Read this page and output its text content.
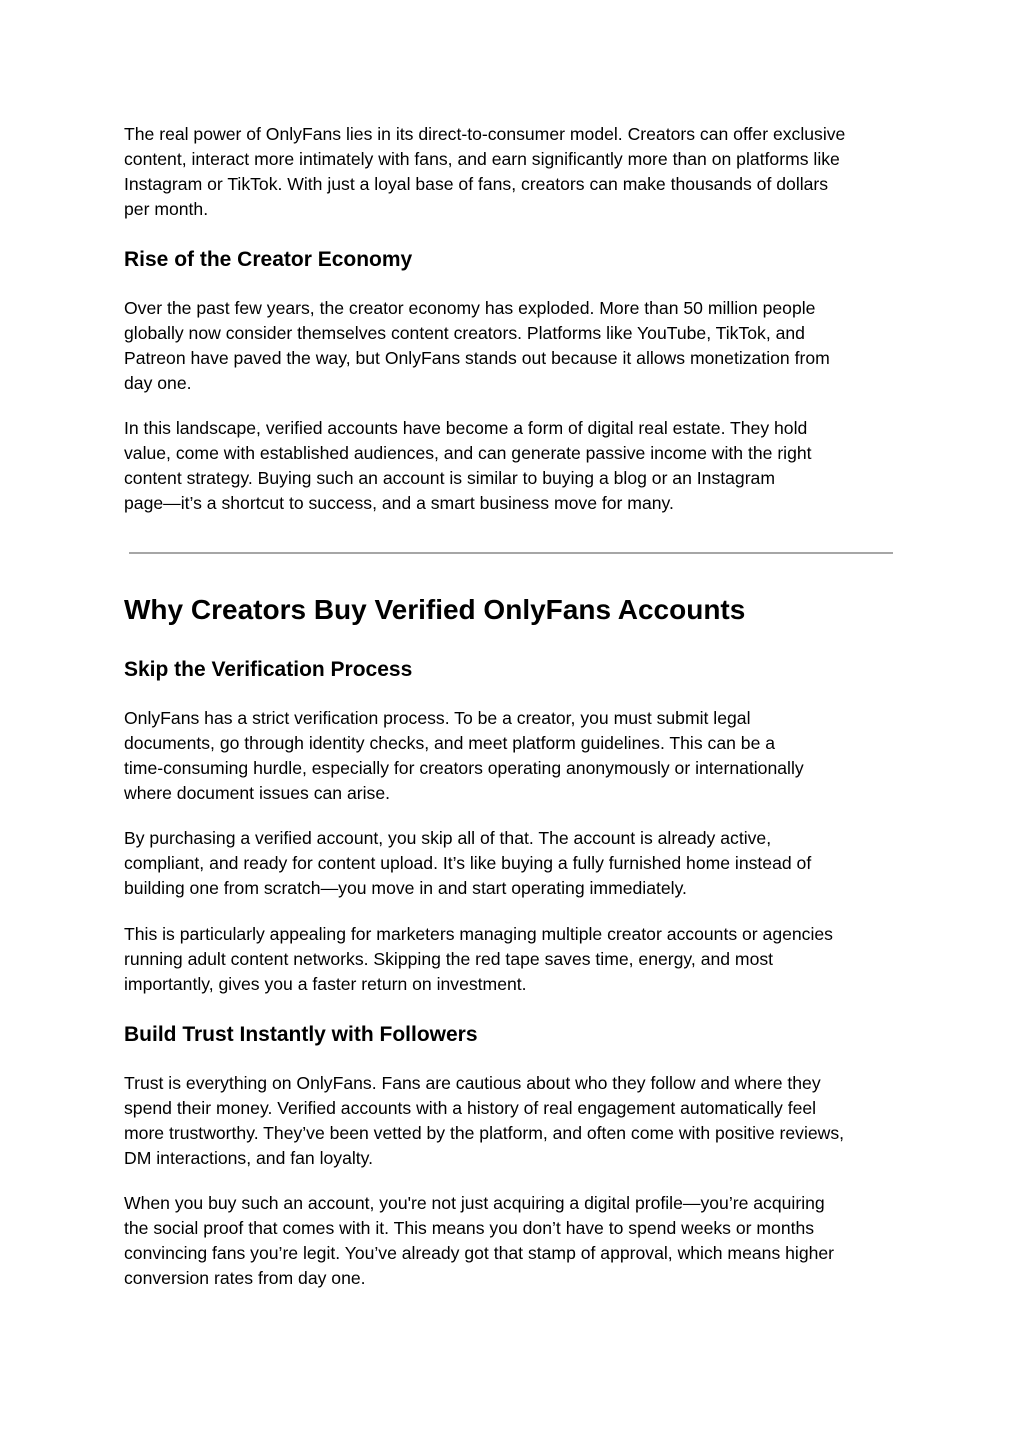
The real power of OnlyFans lies in its direct-to-consumer model. Creators can offer exclusive
content, interact more intimately with fans, and earn significantly more than on platforms like
Instagram or TikTok. With just a loyal base of fans, creators can make thousands of dollars
per month.

Rise of the Creator Economy

Over the past few years, the creator economy has exploded. More than 50 million people
globally now consider themselves content creators. Platforms like YouTube, TikTok, and
Patreon have paved the way, but OnlyFans stands out because it allows monetization from
day one.

In this landscape, verified accounts have become a form of digital real estate. They hold
value, come with established audiences, and can generate passive income with the right
content strategy. Buying such an account is similar to buying a blog or an Instagram
page—it’s a shortcut to success, and a smart business move for many.

Why Creators Buy Verified OnlyFans Accounts
Skip the Verification Process

OnlyFans has a strict verification process. To be a creator, you must submit legal
documents, go through identity checks, and meet platform guidelines. This can be a
time-consuming hurdle, especially for creators operating anonymously or internationally
where document issues can arise.

By purchasing a verified account, you skip all of that. The account is already active,
compliant, and ready for content upload. It’s like buying a fully furnished home instead of
building one from scratch—you move in and start operating immediately.

This is particularly appealing for marketers managing multiple creator accounts or agencies
running adult content networks. Skipping the red tape saves time, energy, and most
importantly, gives you a faster return on investment.

Build Trust Instantly with Followers

Trust is everything on OnlyFans. Fans are cautious about who they follow and where they
spend their money. Verified accounts with a history of real engagement automatically feel
more trustworthy. They’ve been vetted by the platform, and often come with positive reviews,
DM interactions, and fan loyalty.

When you buy such an account, you're not just acquiring a digital profile—you’re acquiring
the social proof that comes with it. This means you don’t have to spend weeks or months
convincing fans you’re legit. You’ve already got that stamp of approval, which means higher
conversion rates from day one.
